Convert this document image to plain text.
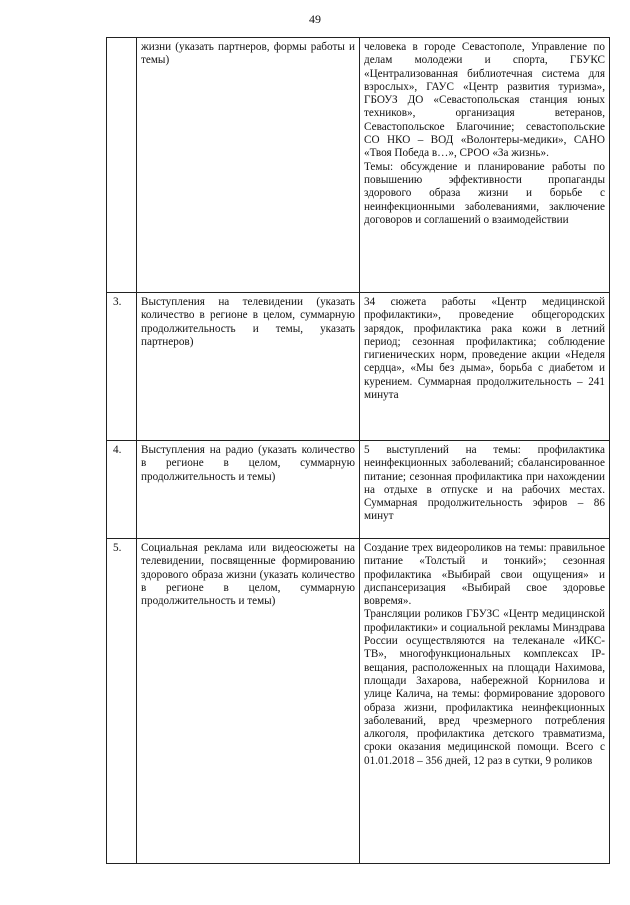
49
	жизни (указать партнеров, формы работы и темы)	человека в городе Севастополе, Управление по делам молодежи и спорта, ГБУКС «Централизованная библиотечная система для взрослых», ГАУС «Центр развития туризма», ГБОУЗ ДО «Севастопольская станция юных техников», организация ветеранов, Севастопольское Благочиние; севастопольские СО НКО – ВОД «Волонтеры-медики», САНО «Твоя Победа в…», СРОО «За жизнь».
Темы: обсуждение и планирование работы по повышению эффективности пропаганды здорового образа жизни и борьбе с неинфекционными заболеваниями, заключение договоров и соглашений о взаимодействии

3.	Выступления на телевидении (указать количество в регионе в целом, суммарную продолжительность и темы, указать партнеров)	34 сюжета работы «Центр медицинской профилактики», проведение общегородских зарядок, профилактика рака кожи в летний период; сезонная профилактика; соблюдение гигиенических норм, проведение акции «Неделя сердца», «Мы без дыма», борьба с диабетом и курением. Суммарная продолжительность – 241 минута

4.	Выступления на радио (указать количество в регионе в целом, суммарную продолжительность и темы)	5 выступлений на темы: профилактика неинфекционных заболеваний; сбалансированное питание; сезонная профилактика при нахождении на отдыхе в отпуске и на рабочих местах. Суммарная продолжительность эфиров – 86 минут

5.	Социальная реклама или видеосюжеты на телевидении, посвященные формированию здорового образа жизни (указать количество в регионе в целом, суммарную продолжительность и темы)	Создание трех видеороликов на темы: правильное питание «Толстый и тонкий»; сезонная профилактика «Выбирай свои ощущения» и диспансеризация «Выбирай свое здоровье вовремя».
Трансляции роликов ГБУЗС «Центр медицинской профилактики» и социальной рекламы Минздрава России осуществляются на телеканале «ИКС-ТВ», многофункциональных комплексах IP-вещания, расположенных на площади Нахимова, площади Захарова, набережной Корнилова и улице Калича, на темы: формирование здорового образа жизни, профилактика неинфекционных заболеваний, вред чрезмерного потребления алкоголя, профилактика детского травматизма, сроки оказания медицинской помощи. Всего с 01.01.2018 – 356 дней, 12 раз в сутки, 9 роликов
